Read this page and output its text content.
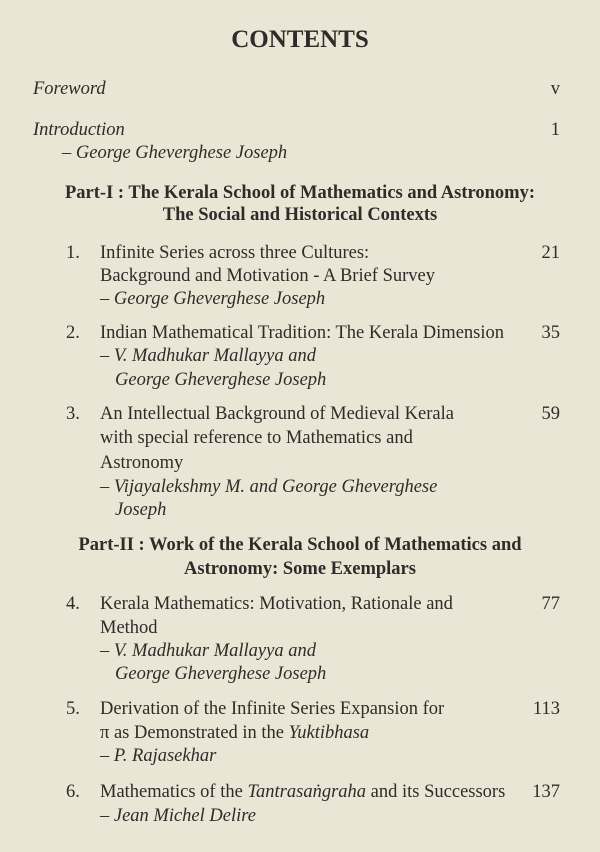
CONTENTS
Foreword	v
Introduction	1
– George Gheverghese Joseph
Part-I : The Kerala School of Mathematics and Astronomy:
The Social and Historical Contexts
1. Infinite Series across three Cultures:	21
Background and Motivation - A Brief Survey
– George Gheverghese Joseph
2. Indian Mathematical Tradition: The Kerala Dimension 35
– V. Madhukar Mallayya and
George Gheverghese Joseph
3. An Intellectual Background of Medieval Kerala	59
with special reference to Mathematics and
Astronomy
– Vijayalekshmy M. and George Gheverghese
Joseph
Part-II : Work of the Kerala School of Mathematics and
Astronomy: Some Exemplars
4. Kerala Mathematics: Motivation, Rationale and	77
Method
– V. Madhukar Mallayya and
George Gheverghese Joseph
5. Derivation of the Infinite Series Expansion for	113
π as Demonstrated in the Yuktibhasa
– P. Rajasekhar
6. Mathematics of the Tantrasaṅgraha and its Successors 137
– Jean Michel Delire
